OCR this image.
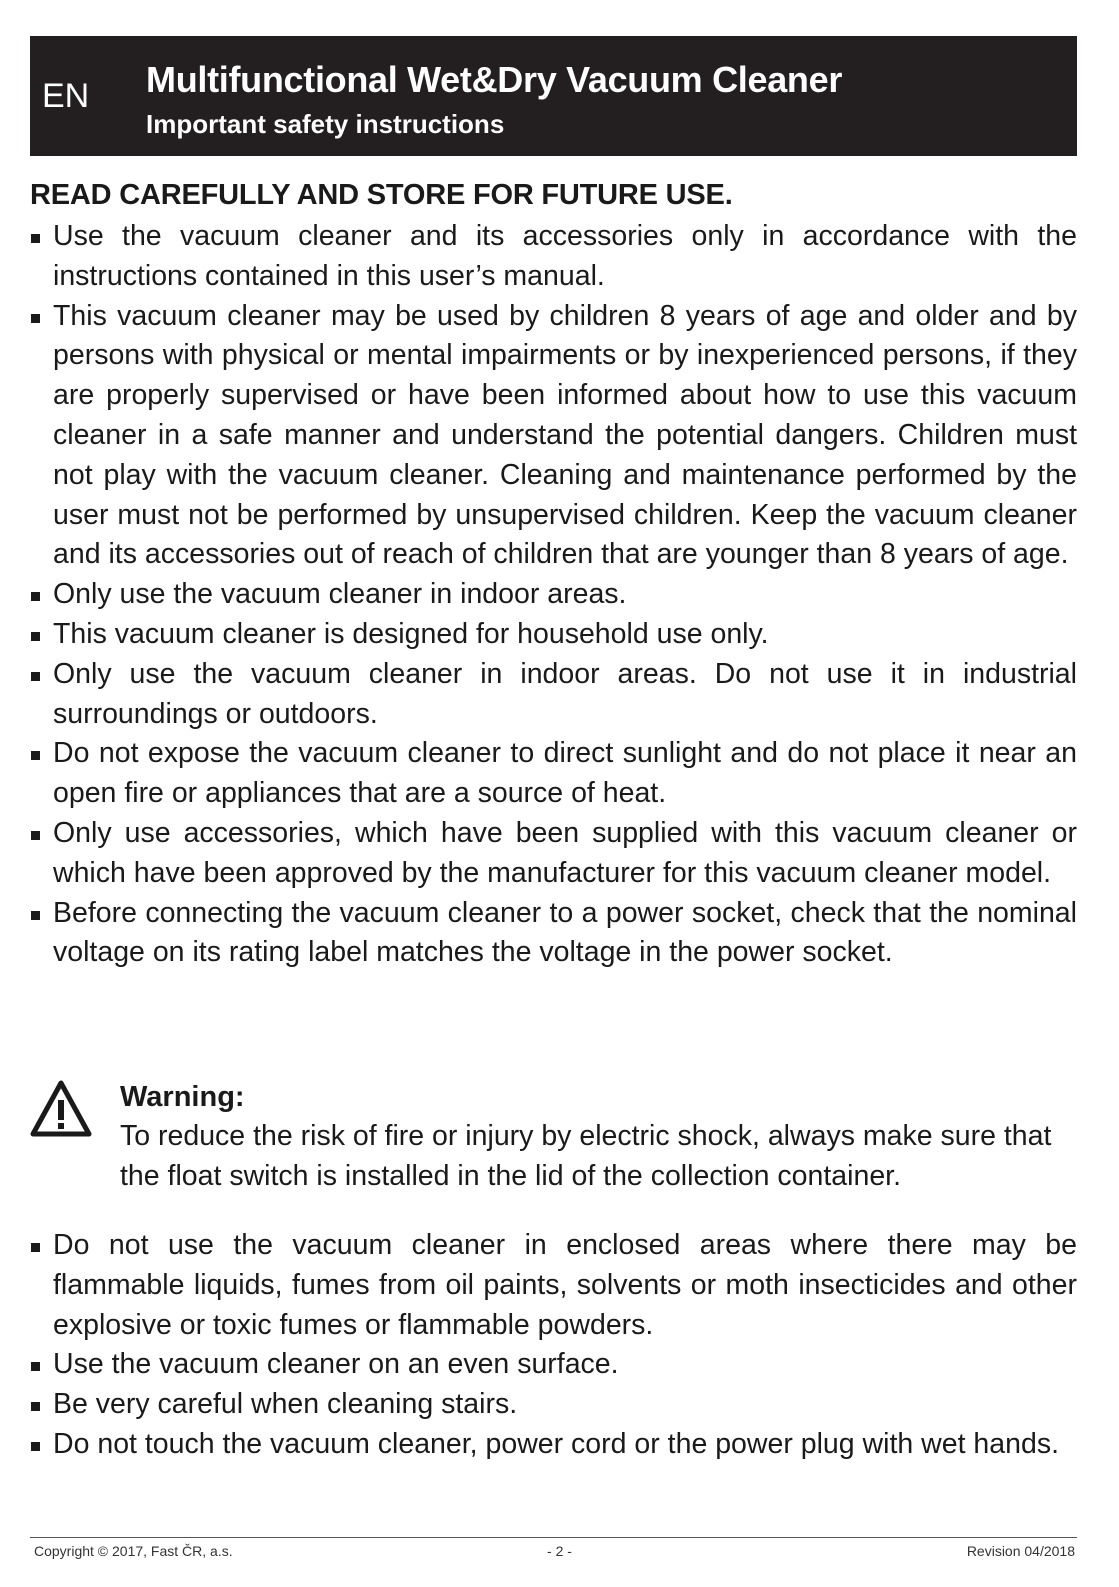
EN Multifunctional Wet&Dry Vacuum Cleaner
Important safety instructions
READ CAREFULLY AND STORE FOR FUTURE USE.
Use the vacuum cleaner and its accessories only in accordance with the instructions contained in this user’s manual.
This vacuum cleaner may be used by children 8 years of age and older and by persons with physical or mental impairments or by inexperienced persons, if they are properly supervised or have been informed about how to use this vacuum cleaner in a safe manner and understand the potential dangers. Children must not play with the vacuum cleaner. Cleaning and maintenance performed by the user must not be performed by unsupervised children. Keep the vacuum cleaner and its accessories out of reach of children that are younger than 8 years of age.
Only use the vacuum cleaner in indoor areas.
This vacuum cleaner is designed for household use only.
Only use the vacuum cleaner in indoor areas. Do not use it in industrial surroundings or outdoors.
Do not expose the vacuum cleaner to direct sunlight and do not place it near an open fire or appliances that are a source of heat.
Only use accessories, which have been supplied with this vacuum cleaner or which have been approved by the manufacturer for this vacuum cleaner model.
Before connecting the vacuum cleaner to a power socket, check that the nominal voltage on its rating label matches the voltage in the power socket.
Warning:
To reduce the risk of fire or injury by electric shock, always make sure that the float switch is installed in the lid of the collection container.
Do not use the vacuum cleaner in enclosed areas where there may be flammable liquids, fumes from oil paints, solvents or moth insecticides and other explosive or toxic fumes or flammable powders.
Use the vacuum cleaner on an even surface.
Be very careful when cleaning stairs.
Do not touch the vacuum cleaner, power cord or the power plug with wet hands.
Copyright © 2017, Fast ČR, a.s.	- 2 -	Revision 04/2018
